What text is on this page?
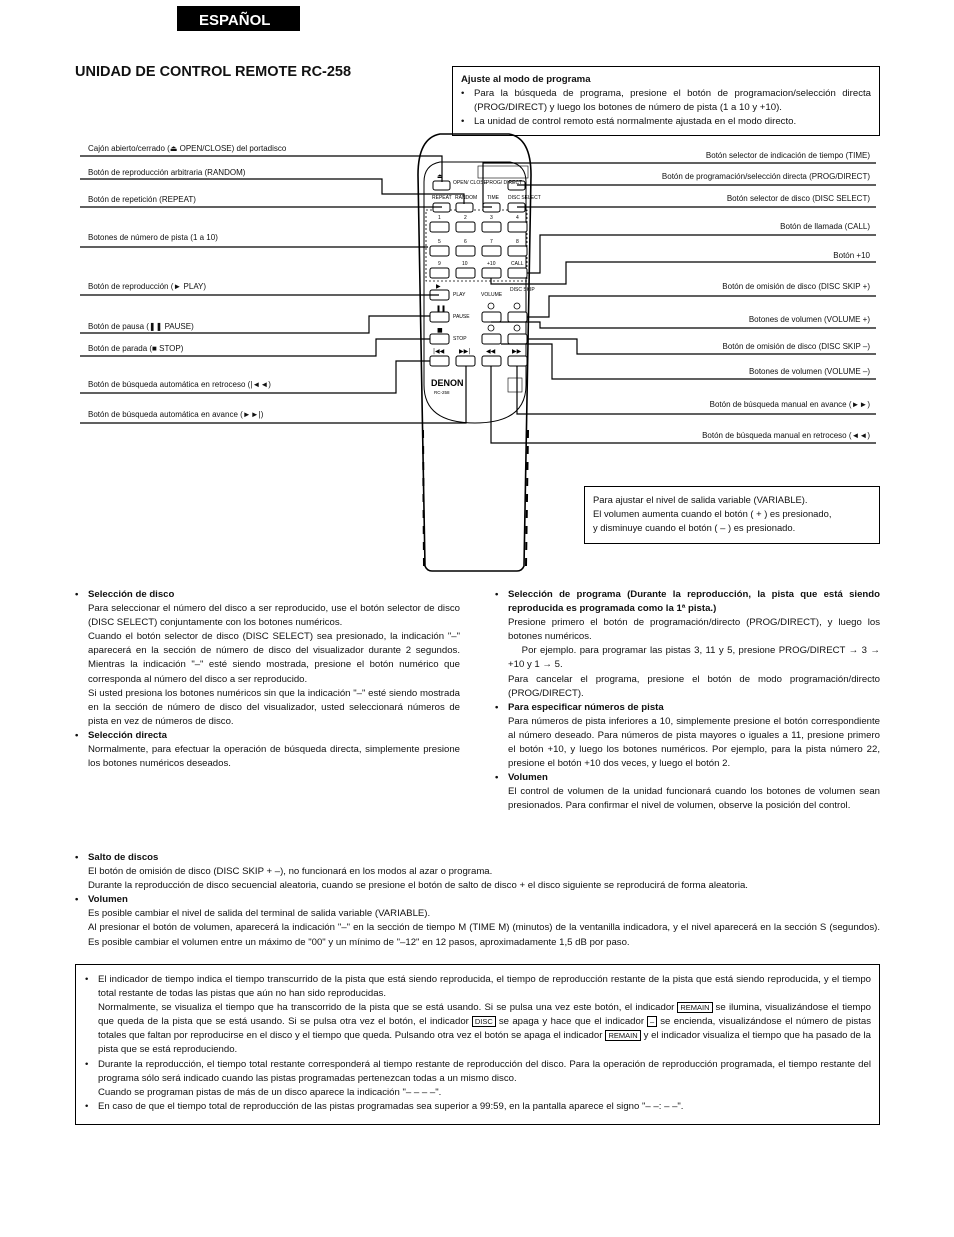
ESPAÑOL
UNIDAD DE CONTROL REMOTE RC-258	Ajuste al modo de programa
• Para la búsqueda de programa, presione el botón de programacion/selección directa (PROG/DIRECT) y luego los botones de número de pista (1 a 10 y +10).
• La unidad de control remoto está normalmente ajustada en el modo directo.
⏏
▶
❚❚
■
|◀◀ ▶▶|	◀◀	▶▶
OPEN/ CLOSE PROG/ DIRECT
REPEAT RANDOM TIME DISC SELECT
1	2	3	4
5	6	7	8
9	10	+10	CALL
PLAY	VOLUME
DISC SKIP
PAUSE
STOP
DENON
RC-258
Cajón abierto/cerrado (⏏ OPEN/CLOSE) del portadisco
Botón de reproducción arbitraria (RANDOM)
Botón de repetición (REPEAT)
Botones de número de pista (1 a 10)
Botón de reproducción (► PLAY)
Botón de pausa (❚❚ PAUSE)
Botón de parada (■ STOP)
Botón de búsqueda automática en retroceso (|◄◄)
Botón de búsqueda automática en avance (►►|)
Botón selector de indicación de tiempo (TIME)
Botón de programación/selección directa (PROG/DIRECT)
Botón selector de disco (DISC SELECT)
Botón de llamada (CALL)
Botón +10
Botón de omisión de disco (DISC SKIP +)
Botones de volumen (VOLUME +)
Botón de omisión de disco (DISC SKIP –)
Botones de volumen (VOLUME –)
Botón de búsqueda manual en avance (►►)
Botón de búsqueda manual en retroceso (◄◄)
Para ajustar el nivel de salida variable (VARIABLE).
El volumen aumenta cuando el botón ( + ) es presionado,
y disminuye cuando el botón ( – ) es presionado.
• Selección de disco
Para seleccionar el número del disco a ser reproducido, use el botón selector de disco (DISC SELECT) conjuntamente con los botones numéricos.
Cuando el botón selector de disco (DISC SELECT) sea presionado, la indicación "–" aparecerá en la sección de número de disco del visualizador durante 2 segundos. Mientras la indicación "–" esté siendo mostrada, presione el botón numérico que corresponda al número del disco a ser reproducido.
Si usted presiona los botones numéricos sin que la indicación "–" esté siendo mostrada en la sección de número de disco del visualizador, usted seleccionará números de pista en vez de números de disco.
• Selección directa
Normalmente, para efectuar la operación de búsqueda directa, simplemente presione los botones numéricos deseados.
• Selección de programa (Durante la reproducción, la pista que está siendo reproducida es programada como la 1ª pista.)
Presione primero el botón de programación/directo (PROG/DIRECT), y luego los botones numéricos.
Por ejemplo. para programar las pistas 3, 11 y 5, presione PROG/DIRECT → 3 → +10 y 1 → 5.
Para cancelar el programa, presione el botón de modo programación/directo (PROG/DIRECT).
• Para especificar números de pista
Para números de pista inferiores a 10, simplemente presione el botón correspondiente al número deseado. Para números de pista mayores o iguales a 11, presione primero el botón +10, y luego los botones numéricos. Por ejemplo, para la pista número 22, presione el botón +10 dos veces, y luego el botón 2.
• Volumen
El control de volumen de la unidad funcionará cuando los botones de volumen sean presionados. Para confirmar el nivel de volumen, observe la posición del control.
• Salto de discos
El botón de omisión de disco (DISC SKIP + –), no funcionará en los modos al azar o programa.
Durante la reproducción de disco secuencial aleatoria, cuando se presione el botón de salto de disco + el disco siguiente se reproducirá de forma aleatoria.
• Volumen
Es posible cambiar el nivel de salida del terminal de salida variable (VARIABLE).
Al presionar el botón de volumen, aparecerá la indicación "–" en la sección de tiempo M (TIME M) (minutos) de la ventanilla indicadora, y el nivel aparecerá en la sección S (segundos). Es posible cambiar el volumen entre un máximo de "00" y un mínimo de "–12" en 12 pasos, aproximadamente 1,5 dB por paso.
• El indicador de tiempo indica el tiempo transcurrido de la pista que está siendo reproducida, el tiempo de reproducción restante de la pista que está siendo reproducida, y el tiempo total restante de todas las pistas que aún no han sido reproducidas.
Normalmente, se visualiza el tiempo que ha transcorrido de la pista que se está usando. Si se pulsa una vez este botón, el indicador REMAIN se ilumina, visualizándose el tiempo que queda de la pista que se está usando. Si se pulsa otra vez el botón, el indicador DISC se apaga y hace que el indicador – se encienda, visualizándose el número de pistas totales que faltan por reproducirse en el disco y el tiempo que queda. Pulsando otra vez el botón se apaga el indicador REMAIN y el indicador visualiza el tiempo que ha pasado de la pista que se está reproduciendo.
• Durante la reproducción, el tiempo total restante corresponderá al tiempo restante de reproducción del disco. Para la operación de reproducción programada, el tiempo restante del programa sólo será indicado cuando las pistas programadas pertenezcan todas a un mismo disco.
Cuando se programan pistas de más de un disco aparece la indicación "– – – –".
• En caso de que el tiempo total de reproducción de las pistas programadas sea superior a 99:59, en la pantalla aparece el signo "– –: – –".
